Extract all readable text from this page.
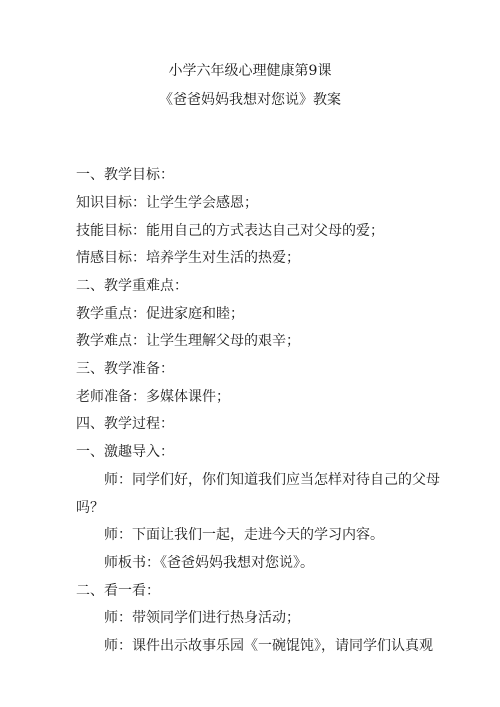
小学六年级心理健康第9课
《爸爸妈妈我想对您说》教案

一、教学目标：

知识目标：让学生学会感恩；

技能目标：能用自己的方式表达自己对父母的爱；

情感目标：培养学生对生活的热爱；

二、教学重难点：

教学重点：促进家庭和睦；

教学难点：让学生理解父母的艰辛；

三、教学准备：

老师准备：多媒体课件；

四、教学过程：

一、激趣导入：

师：同学们好，你们知道我们应当怎样对待自己的父母

吗？

师：下面让我们一起，走进今天的学习内容。

师板书：《爸爸妈妈我想对您说》。

二、看一看：

师：带领同学们进行热身活动；

师：课件出示故事乐园《一碗馄饨》，请同学们认真观
